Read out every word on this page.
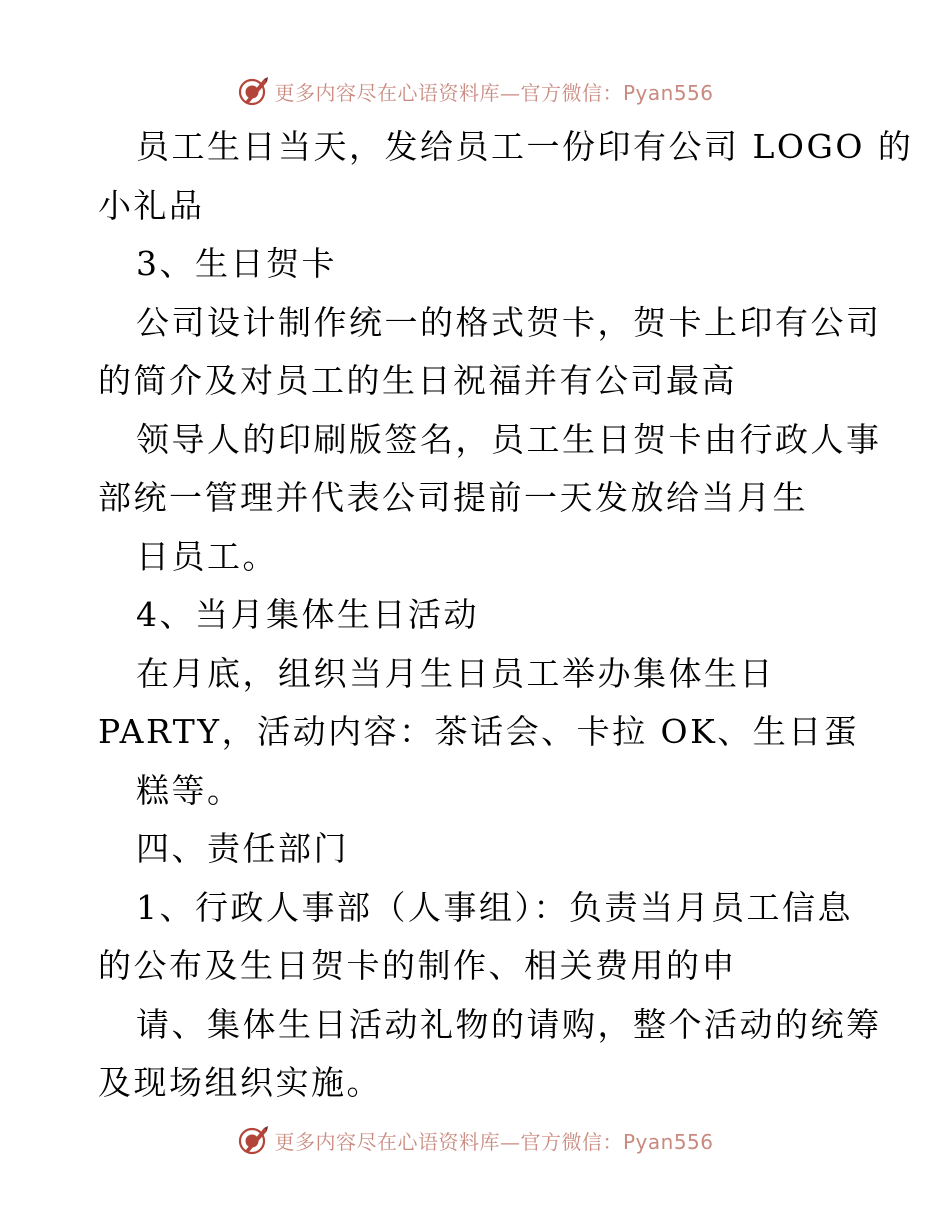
更多内容尽在心语资料库—官方微信：Pyan556
员工生日当天，发给员工一份印有公司 LOGO 的
小礼品
3、生日贺卡
公司设计制作统一的格式贺卡，贺卡上印有公司
的简介及对员工的生日祝福并有公司最高
领导人的印刷版签名，员工生日贺卡由行政人事
部统一管理并代表公司提前一天发放给当月生
日员工。
4、当月集体生日活动
在月底，组织当月生日员工举办集体生日
PARTY，活动内容：茶话会、卡拉 OK、生日蛋
糕等。
四、责任部门
1、行政人事部（人事组）：负责当月员工信息
的公布及生日贺卡的制作、相关费用的申
请、集体生日活动礼物的请购，整个活动的统筹
及现场组织实施。
更多内容尽在心语资料库—官方微信：Pyan556
